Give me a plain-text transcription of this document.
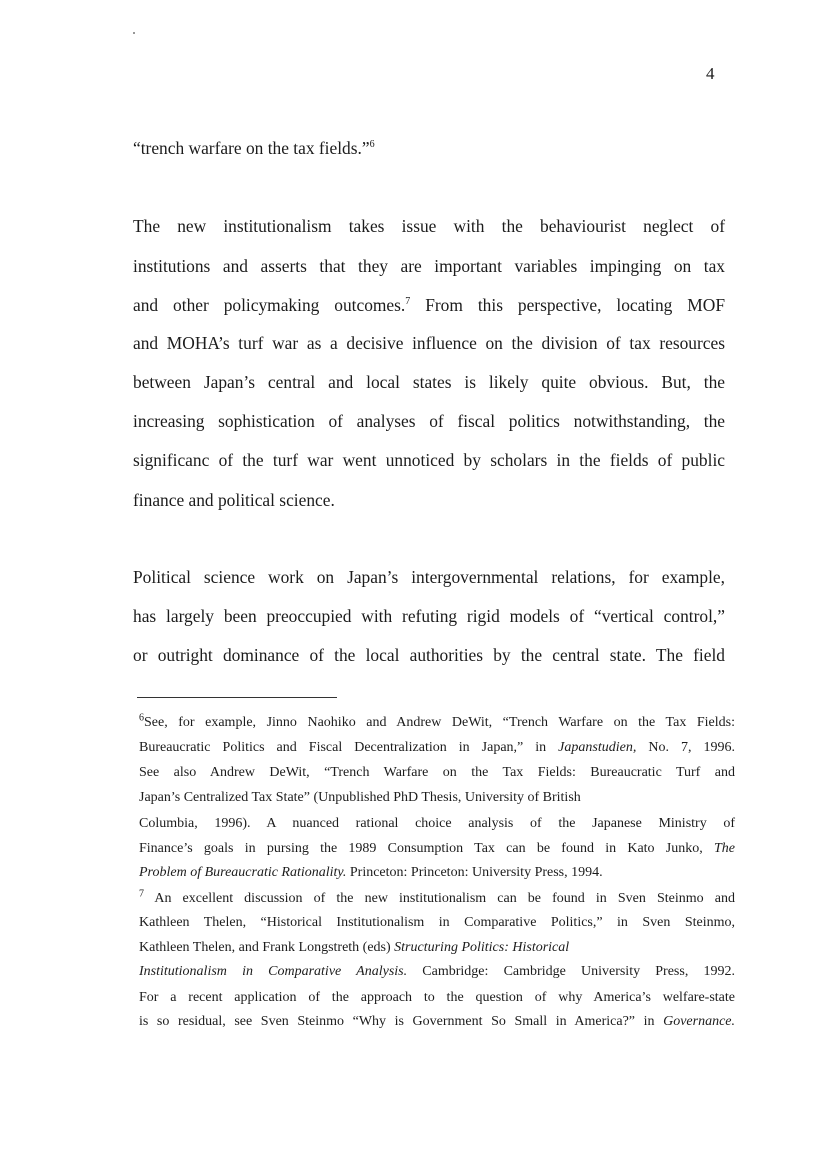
4
“trench warfare on the tax fields.”$^6$
The new institutionalism takes issue with the behaviourist neglect of
institutions and asserts that they are important variables impinging on tax
and other policymaking outcomes.$^7$ From this perspective, locating MOF
and MOHA’s turf war as a decisive influence on the division of tax resources
between Japan’s central and local states is likely quite obvious. But, the
increasing sophistication of analyses of fiscal politics notwithstanding, the
significanc of the turf war went unnoticed by scholars in the fields of public
finance and political science.
Political science work on Japan’s intergovernmental relations, for example,
has largely been preoccupied with refuting rigid models of “vertical control,”
or outright dominance of the local authorities by the central state. The field
$^6$See, for example, Jinno Naohiko and Andrew DeWit, “Trench Warfare on the Tax Fields:
Bureaucratic Politics and Fiscal Decentralization in Japan,” in Japanstudien, No. 7, 1996.
See also Andrew DeWit, “Trench Warfare on the Tax Fields: Bureaucratic Turf and
Japan’s Centralized Tax State” (Unpublished PhD Thesis, University of British
Columbia, 1996). A nuanced rational choice analysis of the Japanese Ministry of
Finance’s goals in pursing the 1989 Consumption Tax can be found in Kato Junko, The
Problem of Bureaucratic Rationality. Princeton: Princeton: University Press, 1994.
$^7$ An excellent discussion of the new institutionalism can be found in Sven Steinmo and
Kathleen Thelen, “Historical Institutionalism in Comparative Politics,” in Sven Steinmo,
Kathleen Thelen, and Frank Longstreth (eds) Structuring Politics: Historical
Institutionalism in Comparative Analysis. Cambridge: Cambridge University Press, 1992.
For a recent application of the approach to the question of why America’s welfare-state
is so residual, see Sven Steinmo “Why is Government So Small in America?” in Governance.
